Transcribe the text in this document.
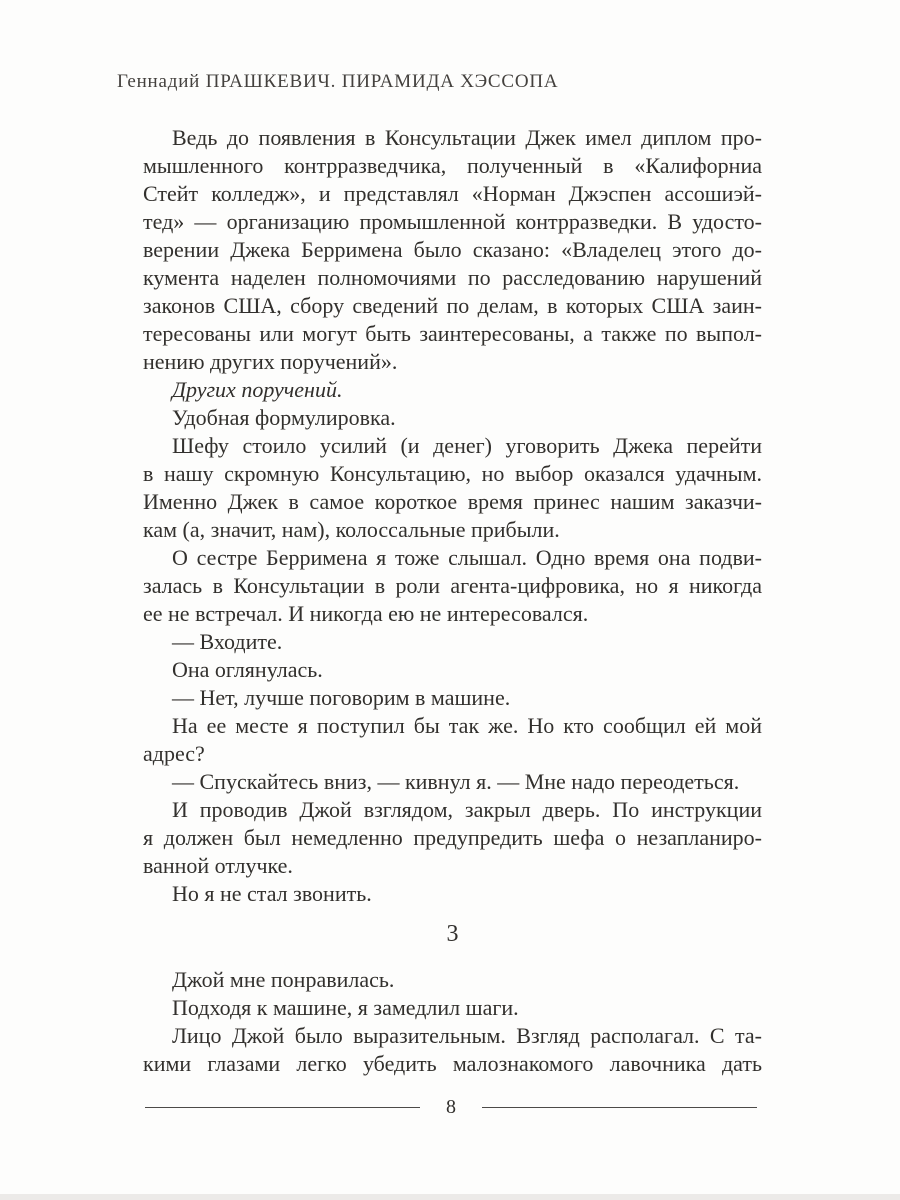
Геннадий ПРАШКЕВИЧ. ПИРАМИДА ХЭССОПА
Ведь до появления в Консультации Джек имел диплом про-
мышленного контрразведчика, полученный в «Калифорниа
Стейт колледж», и представлял «Норман Джэспен ассошиэй-
тед» — организацию промышленной контрразведки. В удосто-
верении Джека Берримена было сказано: «Владелец этого до-
кумента наделен полномочиями по расследованию нарушений
законов США, сбору сведений по делам, в которых США заин-
тересованы или могут быть заинтересованы, а также по выпол-
нению других поручений».
Других поручений.
Удобная формулировка.
Шефу стоило усилий (и денег) уговорить Джека перейти
в нашу скромную Консультацию, но выбор оказался удачным.
Именно Джек в самое короткое время принес нашим заказчи-
кам (а, значит, нам), колоссальные прибыли.
О сестре Берримена я тоже слышал. Одно время она подви-
залась в Консультации в роли агента-цифровика, но я никогда
ее не встречал. И никогда ею не интересовался.
— Входите.
Она оглянулась.
— Нет, лучше поговорим в машине.
На ее месте я поступил бы так же. Но кто сообщил ей мой
адрес?
— Спускайтесь вниз, — кивнул я. — Мне надо переодеться.
И проводив Джой взглядом, закрыл дверь. По инструкции
я должен был немедленно предупредить шефа о незапланиро-
ванной отлучке.
Но я не стал звонить.
3
Джой мне понравилась.
Подходя к машине, я замедлил шаги.
Лицо Джой было выразительным. Взгляд располагал. С та-
кими глазами легко убедить малознакомого лавочника дать
8
